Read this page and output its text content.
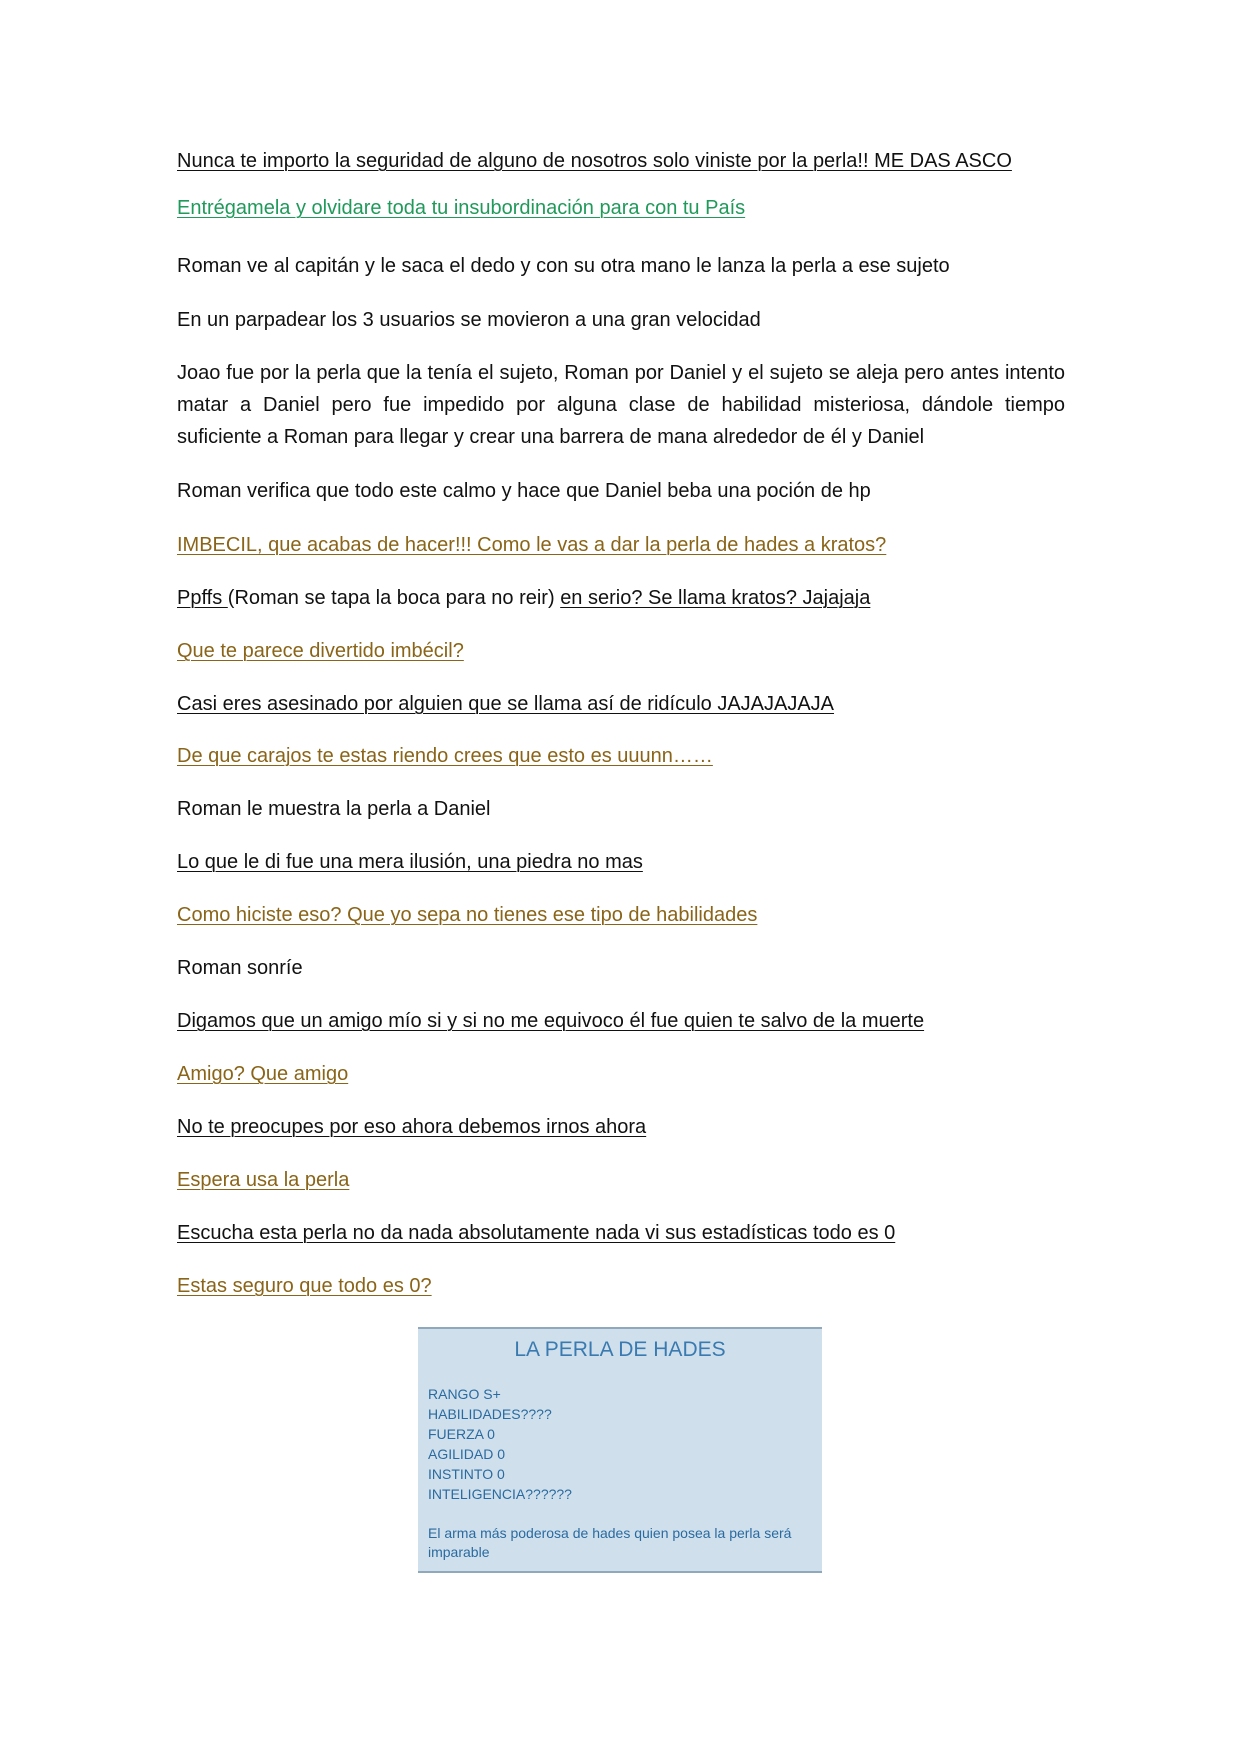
Nunca te importo la seguridad de alguno de nosotros solo viniste por la perla!! ME DAS ASCO
Entrégamela y olvidare toda tu insubordinación para con tu País
Roman ve al capitán y le saca el dedo y con su otra mano le lanza la perla a ese sujeto
En un parpadear los 3 usuarios se movieron a una gran velocidad
Joao fue por la perla que la tenía el sujeto, Roman por Daniel y el sujeto se aleja pero antes intento matar a Daniel pero fue impedido por alguna clase de habilidad misteriosa, dándole tiempo suficiente a Roman para llegar y crear una barrera de mana alrededor de él y Daniel
Roman verifica que todo este calmo y hace que Daniel beba una poción de hp
IMBECIL, que acabas de hacer!!! Como le vas a dar la perla de hades a kratos?
Ppffs (Roman se tapa la boca para no reir) en serio? Se llama kratos? Jajajaja
Que te parece divertido imbécil?
Casi eres asesinado por alguien que se llama así de ridículo JAJAJAJAJA
De que carajos te estas riendo crees que esto es uuunn……
Roman le muestra la perla a Daniel
Lo que le di fue una mera ilusión, una piedra no mas
Como hiciste eso? Que yo sepa no tienes ese tipo de habilidades
Roman sonríe
Digamos que un amigo mío si y si no me equivoco él fue quien te salvo de la muerte
Amigo? Que amigo
No te preocupes por eso ahora debemos irnos ahora
Espera usa la perla
Escucha esta perla no da nada absolutamente nada vi sus estadísticas todo es 0
Estas seguro que todo es 0?
LA PERLA DE HADES
RANGO S+
HABILIDADES????
FUERZA 0
AGILIDAD 0
INSTINTO 0
INTELIGENCIA??????
El arma más poderosa de hades quien posea la perla será imparable
